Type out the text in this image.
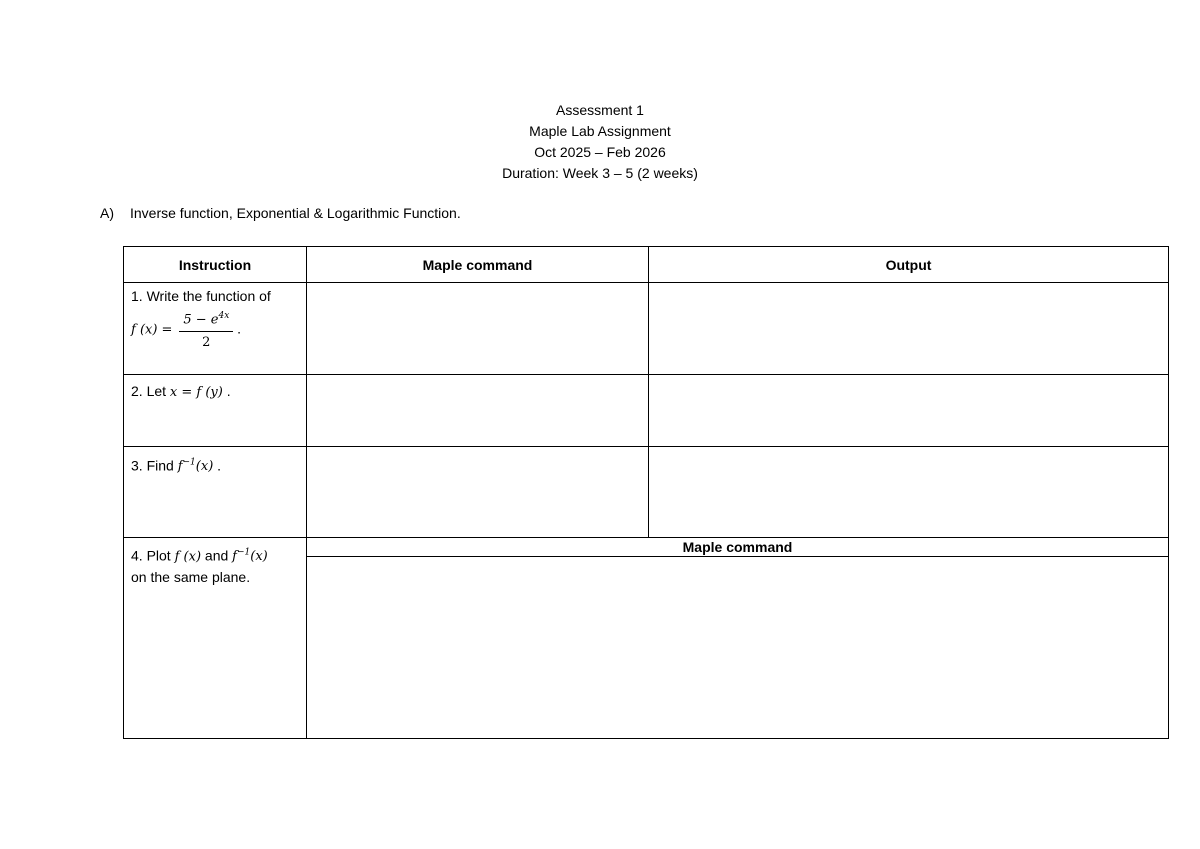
Assessment 1
Maple Lab Assignment
Oct 2025 – Feb 2026
Duration: Week 3 – 5 (2 weeks)
A) Inverse function, Exponential & Logarithmic Function.
Instruction	Maple command	Output

1. Write the function of
f $(x) = \frac{5 - e^{4x}}{2}$ .		

2. Let x = f (y) .		

3. Find $f^{-1}(x)$ .		

4. Plot f (x) and $f^{-1}(x)$
on the same plane.	Maple command	
